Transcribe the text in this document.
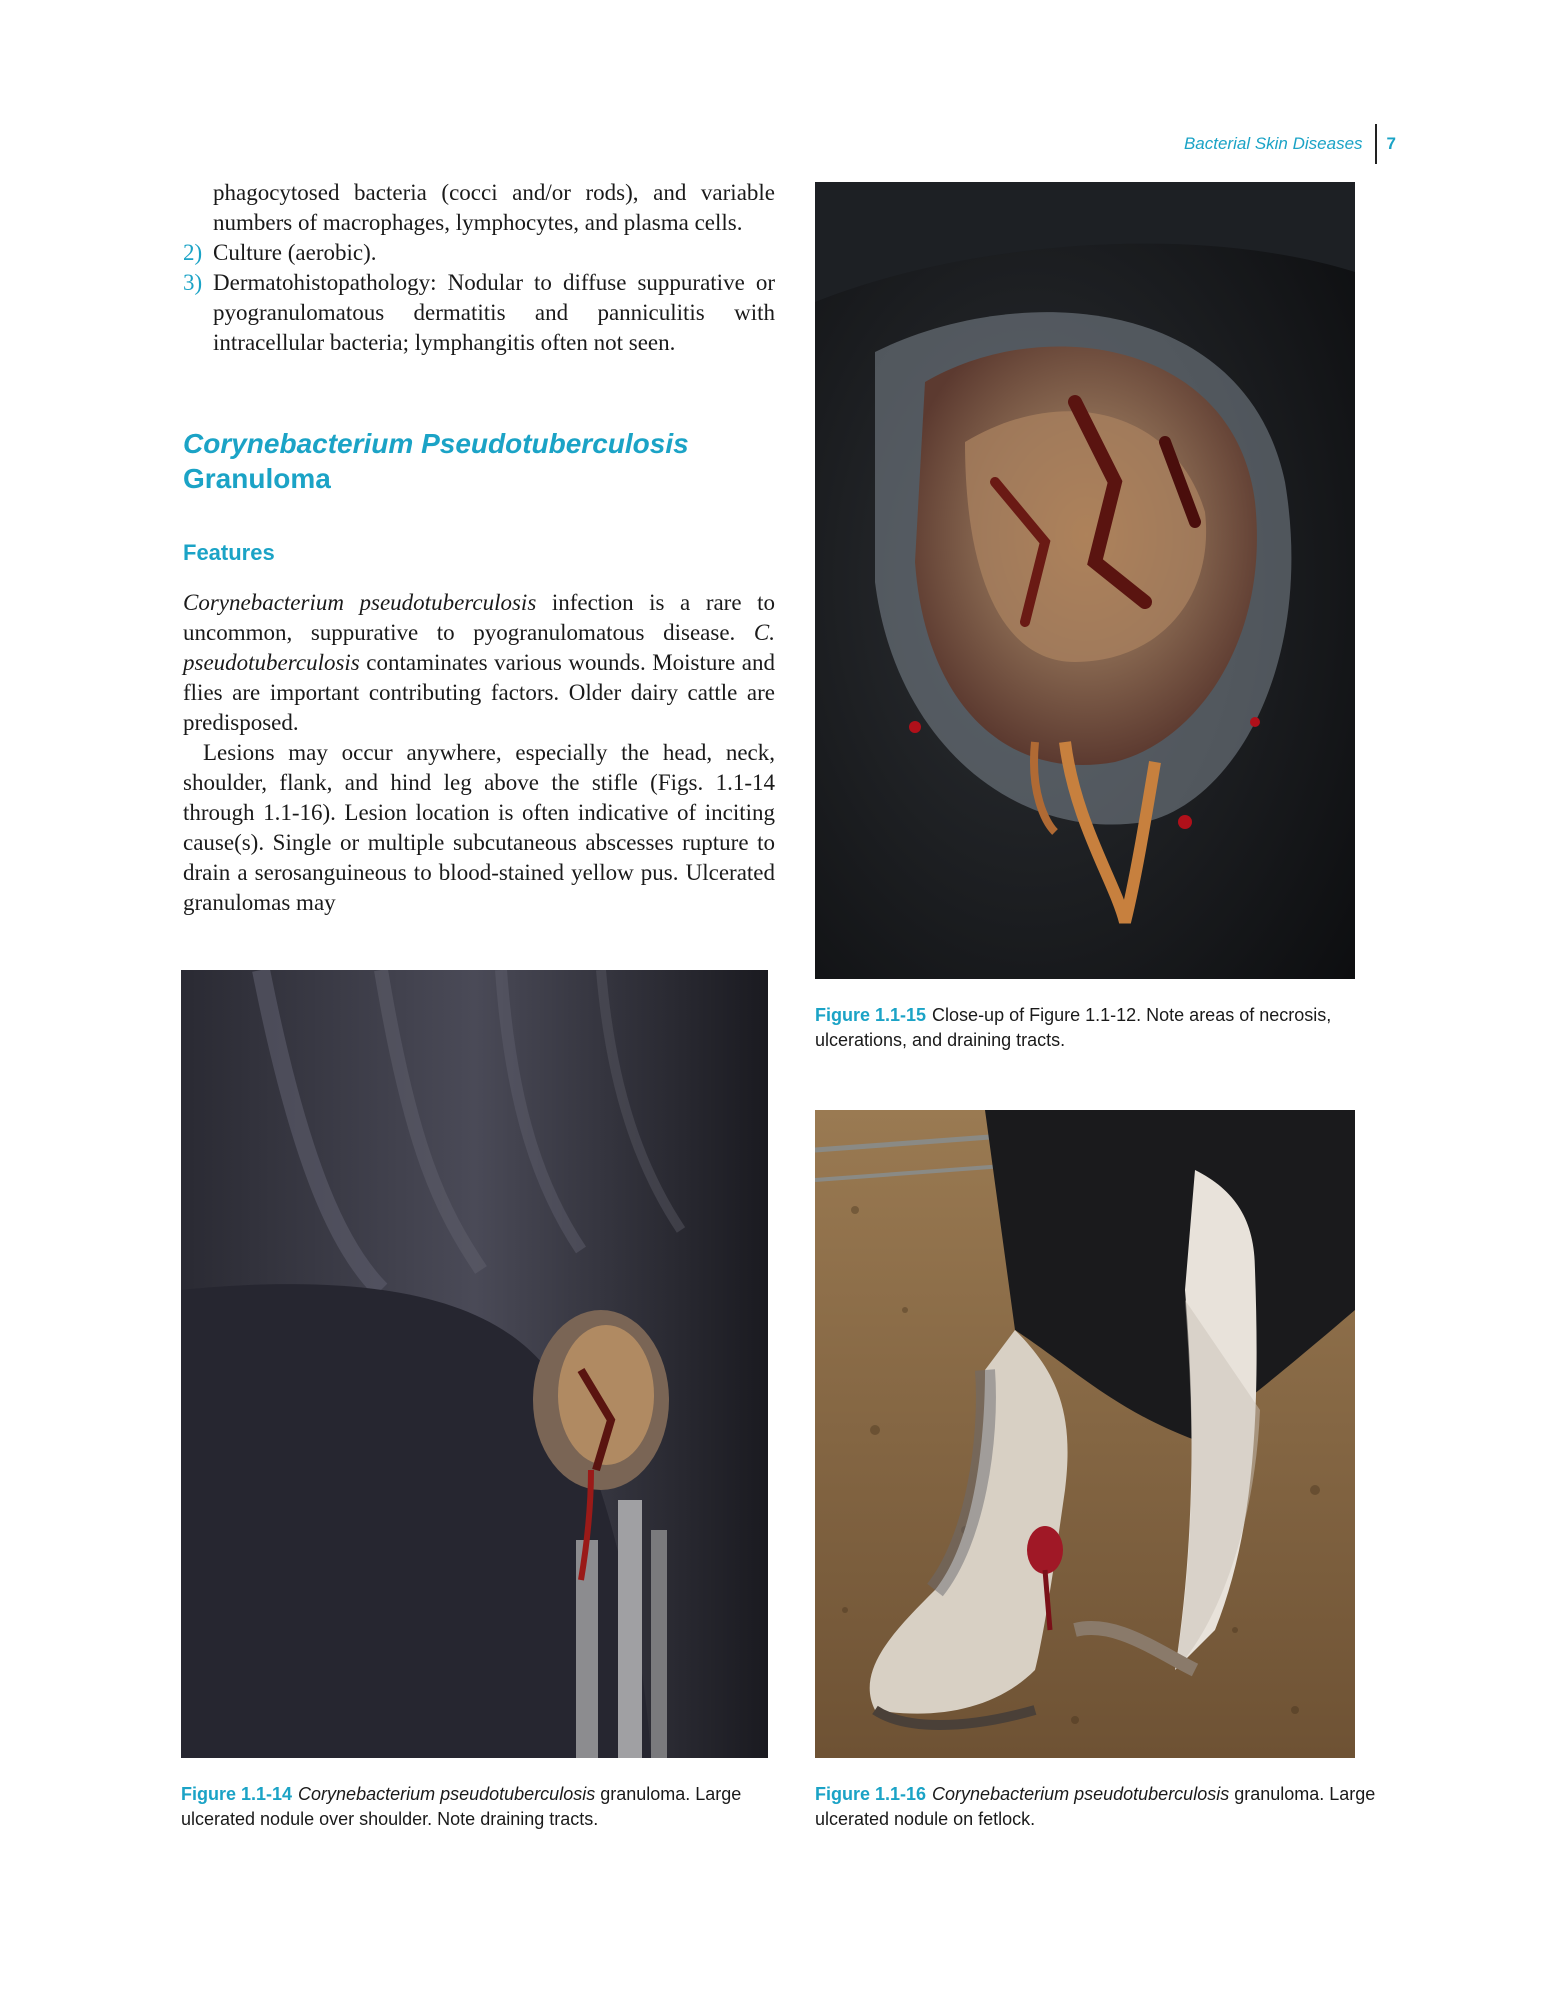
Bacterial Skin Diseases	7

phagocytosed bacteria (cocci and/or rods), and variable numbers of macrophages, lymphocytes, and plasma cells.

2) Culture (aerobic).
3) Dermatohistopathology: Nodular to diffuse suppurative or pyogranulomatous dermatitis and panniculitis with intracellular bacteria; lymphangitis often not seen.
Corynebacterium Pseudotuberculosis
Granuloma
Features

Corynebacterium pseudotuberculosis infection is a rare to uncommon, suppurative to pyogranulomatous disease. C. pseudotuberculosis contaminates various wounds. Moisture and flies are important contributing factors. Older dairy cattle are predisposed.

Lesions may occur anywhere, especially the head, neck, shoulder, flank, and hind leg above the stifle (Figs. 1.1-14 through 1.1-16). Lesion location is often indicative of inciting cause(s). Single or multiple subcutaneous abscesses rupture to drain a serosanguineous to blood-stained yellow pus. Ulcerated granulomas may

Figure 1.1-15 Close-up of Figure 1.1-12. Note areas of necrosis, ulcerations, and draining tracts.
Figure 1.1-14 Corynebacterium pseudotuberculosis granuloma. Large ulcerated nodule over shoulder. Note draining tracts.
Figure 1.1-16 Corynebacterium pseudotuberculosis granuloma. Large ulcerated nodule on fetlock.
